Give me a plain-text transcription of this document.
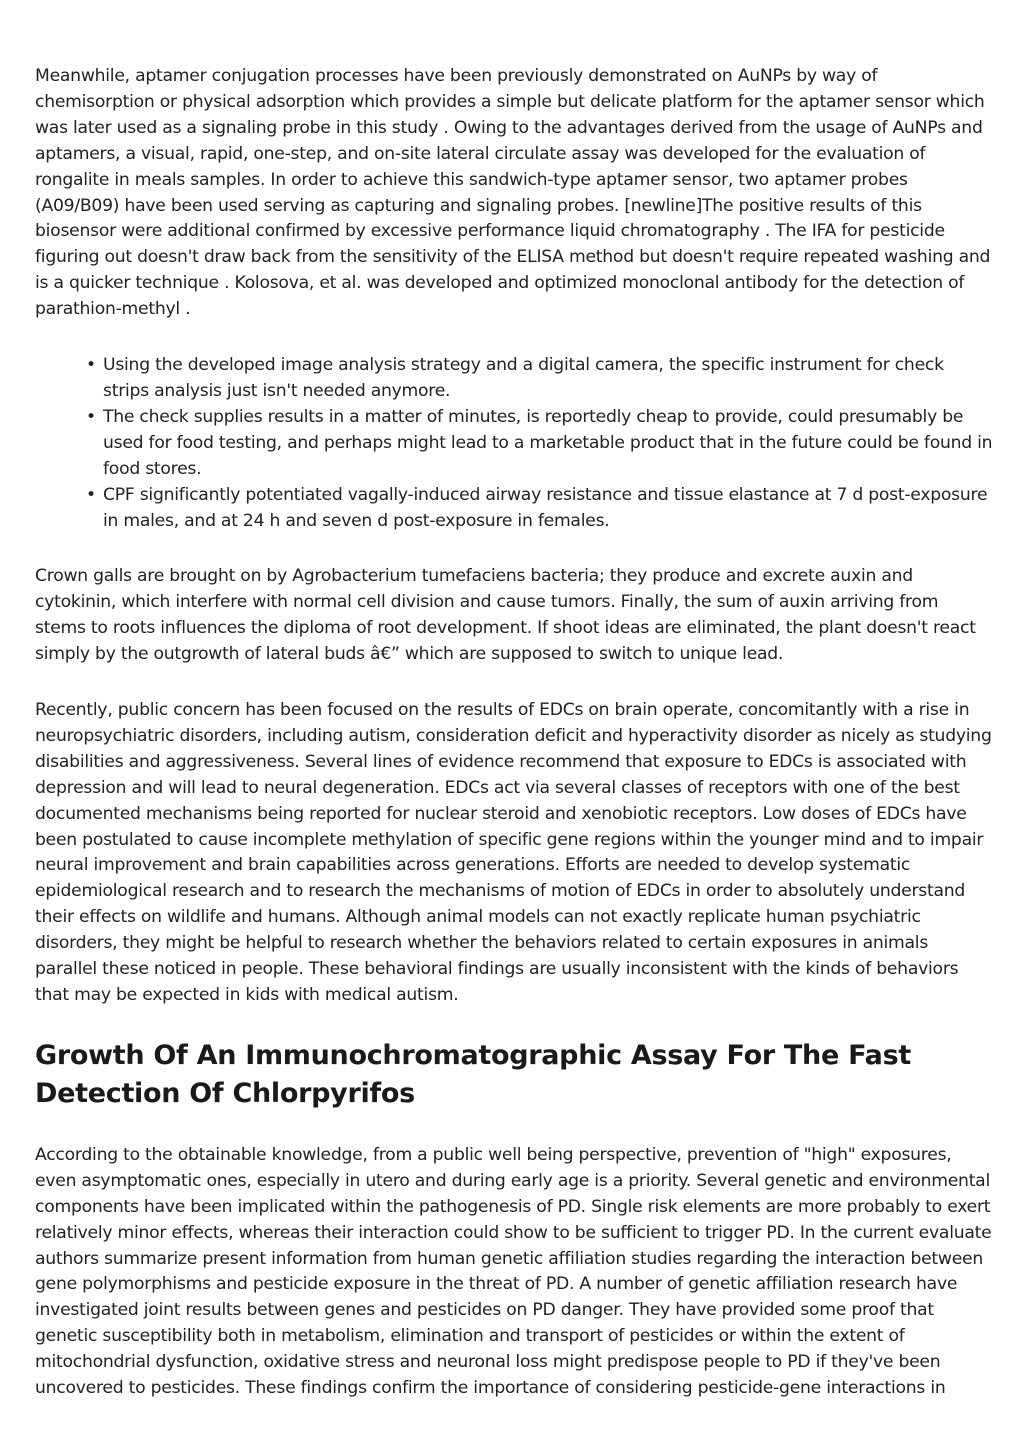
Meanwhile, aptamer conjugation processes have been previously demonstrated on AuNPs by way of chemisorption or physical adsorption which provides a simple but delicate platform for the aptamer sensor which was later used as a signaling probe in this study . Owing to the advantages derived from the usage of AuNPs and aptamers, a visual, rapid, one-step, and on-site lateral circulate assay was developed for the evaluation of rongalite in meals samples. In order to achieve this sandwich-type aptamer sensor, two aptamer probes (A09/B09) have been used serving as capturing and signaling probes. [newline]The positive results of this biosensor were additional confirmed by excessive performance liquid chromatography . The IFA for pesticide figuring out doesn't draw back from the sensitivity of the ELISA method but doesn't require repeated washing and is a quicker technique . Kolosova, et al. was developed and optimized monoclonal antibody for the detection of parathion-methyl .

• Using the developed image analysis strategy and a digital camera, the specific instrument for check strips analysis just isn't needed anymore.
• The check supplies results in a matter of minutes, is reportedly cheap to provide, could presumably be used for food testing, and perhaps might lead to a marketable product that in the future could be found in food stores.
• CPF significantly potentiated vagally-induced airway resistance and tissue elastance at 7 d post-exposure in males, and at 24 h and seven d post-exposure in females.

Crown galls are brought on by Agrobacterium tumefaciens bacteria; they produce and excrete auxin and cytokinin, which interfere with normal cell division and cause tumors. Finally, the sum of auxin arriving from stems to roots influences the diploma of root development. If shoot ideas are eliminated, the plant doesn't react simply by the outgrowth of lateral buds â€” which are supposed to switch to unique lead.

Recently, public concern has been focused on the results of EDCs on brain operate, concomitantly with a rise in neuropsychiatric disorders, including autism, consideration deficit and hyperactivity disorder as nicely as studying disabilities and aggressiveness. Several lines of evidence recommend that exposure to EDCs is associated with depression and will lead to neural degeneration. EDCs act via several classes of receptors with one of the best documented mechanisms being reported for nuclear steroid and xenobiotic receptors. Low doses of EDCs have been postulated to cause incomplete methylation of specific gene regions within the younger mind and to impair neural improvement and brain capabilities across generations. Efforts are needed to develop systematic epidemiological research and to research the mechanisms of motion of EDCs in order to absolutely understand their effects on wildlife and humans. Although animal models can not exactly replicate human psychiatric disorders, they might be helpful to research whether the behaviors related to certain exposures in animals parallel these noticed in people. These behavioral findings are usually inconsistent with the kinds of behaviors that may be expected in kids with medical autism.

Growth Of An Immunochromatographic Assay For The Fast Detection Of Chlorpyrifos

According to the obtainable knowledge, from a public well being perspective, prevention of "high" exposures, even asymptomatic ones, especially in utero and during early age is a priority. Several genetic and environmental components have been implicated within the pathogenesis of PD. Single risk elements are more probably to exert relatively minor effects, whereas their interaction could show to be sufficient to trigger PD. In the current evaluate authors summarize present information from human genetic affiliation studies regarding the interaction between gene polymorphisms and pesticide exposure in the threat of PD. A number of genetic affiliation research have investigated joint results between genes and pesticides on PD danger. They have provided some proof that genetic susceptibility both in metabolism, elimination and transport of pesticides or within the extent of mitochondrial dysfunction, oxidative stress and neuronal loss might predispose people to PD if they've been uncovered to pesticides. These findings confirm the importance of considering pesticide-gene interactions in
